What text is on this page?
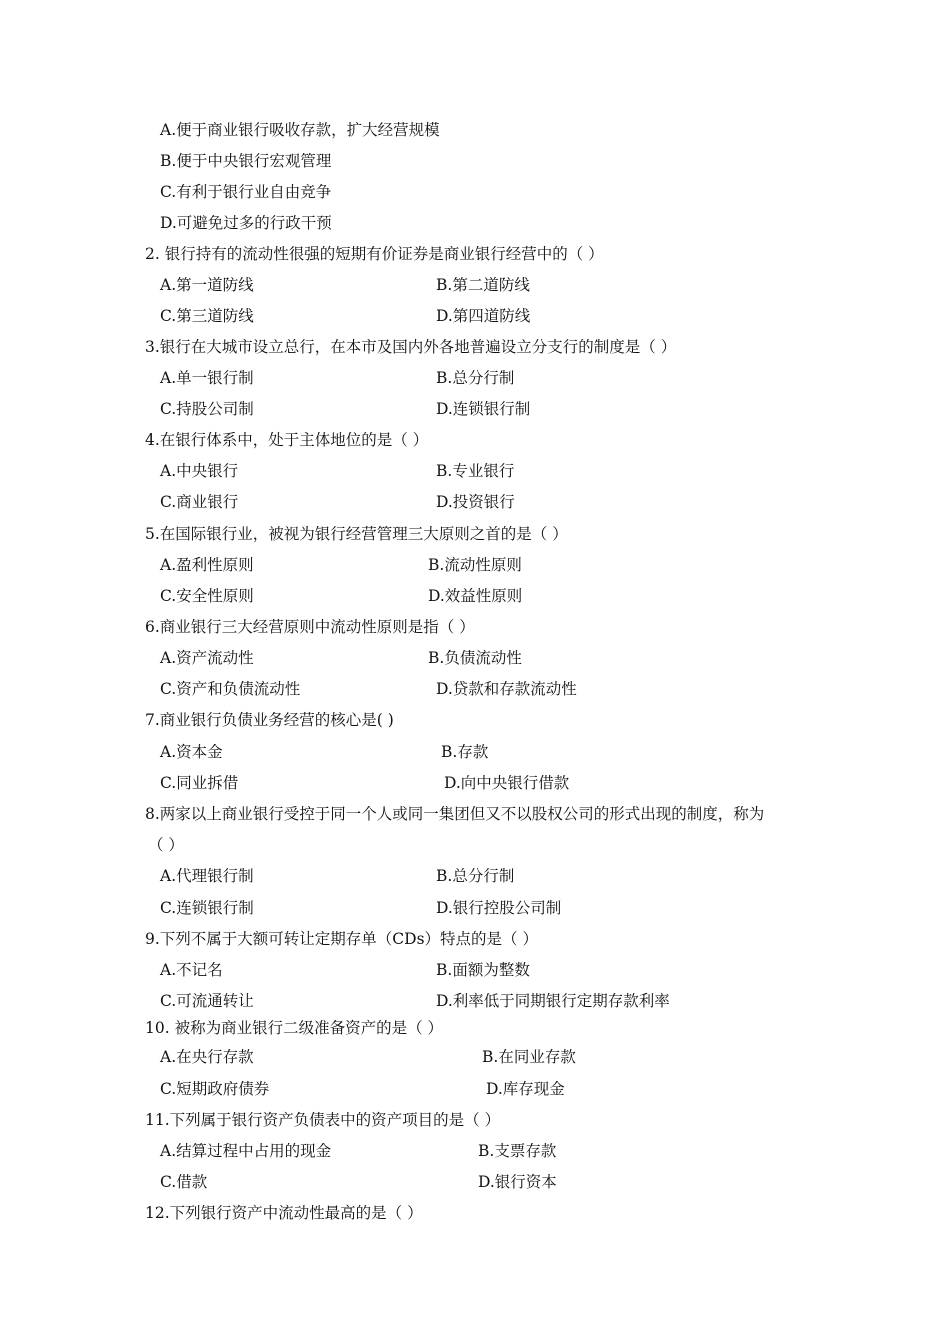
A.便于商业银行吸收存款，扩大经营规模
B.便于中央银行宏观管理
C.有利于银行业自由竞争
D.可避免过多的行政干预
2. 银行持有的流动性很强的短期有价证券是商业银行经营中的（ ）
A.第一道防线	B.第二道防线
C.第三道防线	D.第四道防线
3.银行在大城市设立总行，在本市及国内外各地普遍设立分支行的制度是（ ）
A.单一银行制	B.总分行制
C.持股公司制	D.连锁银行制
4.在银行体系中，处于主体地位的是（ ）
A.中央银行	B.专业银行
C.商业银行	D.投资银行
5.在国际银行业，被视为银行经营管理三大原则之首的是（ ）
A.盈利性原则	B.流动性原则
C.安全性原则	D.效益性原则
6.商业银行三大经营原则中流动性原则是指（ ）
A.资产流动性	B.负债流动性
C.资产和负债流动性	D.贷款和存款流动性
7.商业银行负债业务经营的核心是( )
A.资本金	B.存款
C.同业拆借	D.向中央银行借款
8.两家以上商业银行受控于同一个人或同一集团但又不以股权公司的形式出现的制度，称为
（ ）
A.代理银行制	B.总分行制
C.连锁银行制	D.银行控股公司制
9.下列不属于大额可转让定期存单（CDs）特点的是（ ）
A.不记名	B.面额为整数
C.可流通转让	D.利率低于同期银行定期存款利率
10. 被称为商业银行二级准备资产的是（ ）
A.在央行存款	B.在同业存款
C.短期政府债券	D.库存现金
11.下列属于银行资产负债表中的资产项目的是（ ）
A.结算过程中占用的现金	B.支票存款
C.借款	D.银行资本
12.下列银行资产中流动性最高的是（ ）
